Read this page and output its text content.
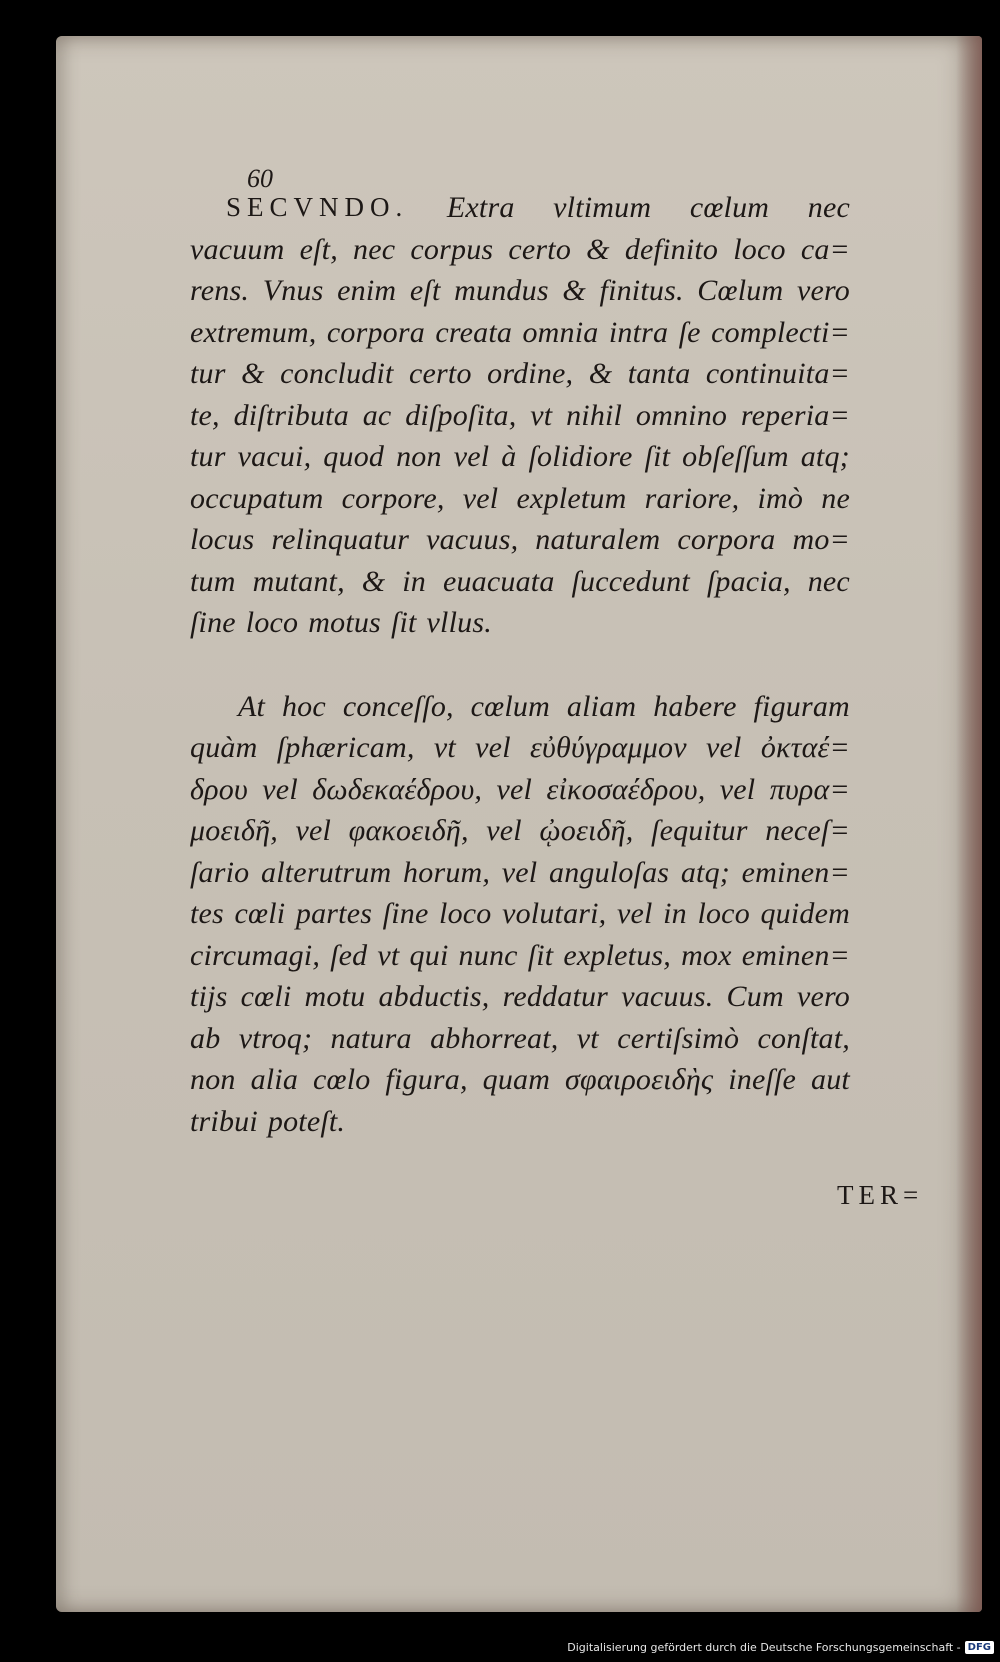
60
SECVNDO. Extra vltimum cœlum nec
vacuum eſt, nec corpus certo & definito loco ca=
rens. Vnus enim eſt mundus & finitus. Cœlum vero
extremum, corpora creata omnia intra ſe complecti=
tur & concludit certo ordine, & tanta continuita=
te, diſtributa ac diſpoſita, vt nihil omnino reperia=
tur vacui, quod non vel à ſolidiore ſit obſeſſum atq;
occupatum corpore, vel expletum rariore, imò ne
locus relinquatur vacuus, naturalem corpora mo=
tum mutant, & in euacuata ſuccedunt ſpacia, nec
ſine loco motus ſit vllus.
At hoc conceſſo, cœlum aliam habere figuram
quàm ſphæricam, vt vel εὐθύγραμμον vel ὀκταέ=
δρου vel δωδεκαέδρου, vel εἰκοσαέδρου, vel πυρα=
μοειδῆ, vel φακοειδῆ, vel ᾠοειδῆ, ſequitur neceſ=
ſario alterutrum horum, vel anguloſas atq; eminen=
tes cœli partes ſine loco volutari, vel in loco quidem
circumagi, ſed vt qui nunc ſit expletus, mox eminen=
tijs cœli motu abductis, reddatur vacuus. Cum vero
ab vtroq; natura abhorreat, vt certiſsimò conſtat,
non alia cœlo figura, quam σφαιροειδὴς ineſſe aut
tribui poteſt.
TER=
Digitalisierung gefördert durch die Deutsche Forschungsgemeinschaft - DFG
